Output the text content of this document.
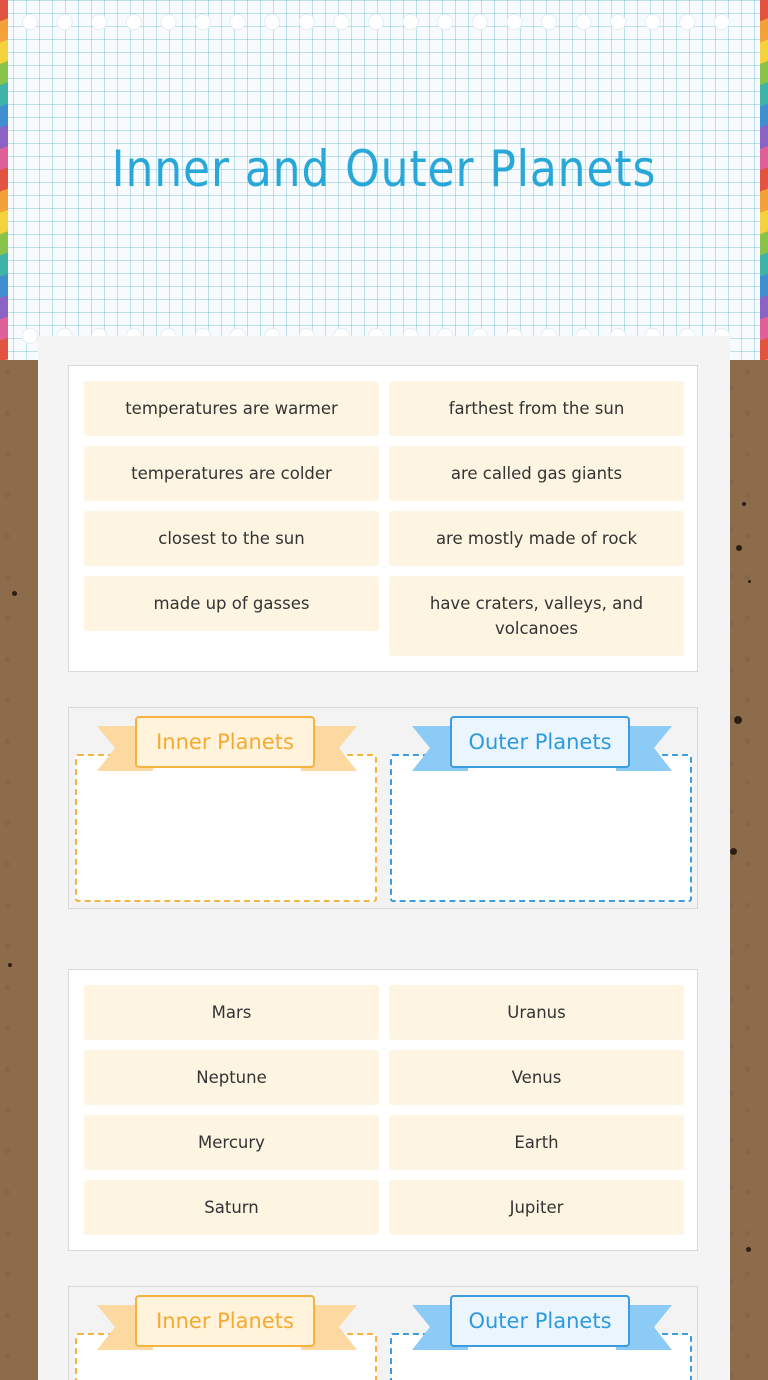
Inner and Outer Planets
temperatures are warmer	farthest from the sun
temperatures are colder	are called gas giants
closest to the sun	are mostly made of rock
made up of gasses	have craters, valleys, and volcanoes
Inner Planets	Outer Planets
Mars	Uranus
Neptune	Venus
Mercury	Earth
Saturn	Jupiter
Inner Planets	Outer Planets
